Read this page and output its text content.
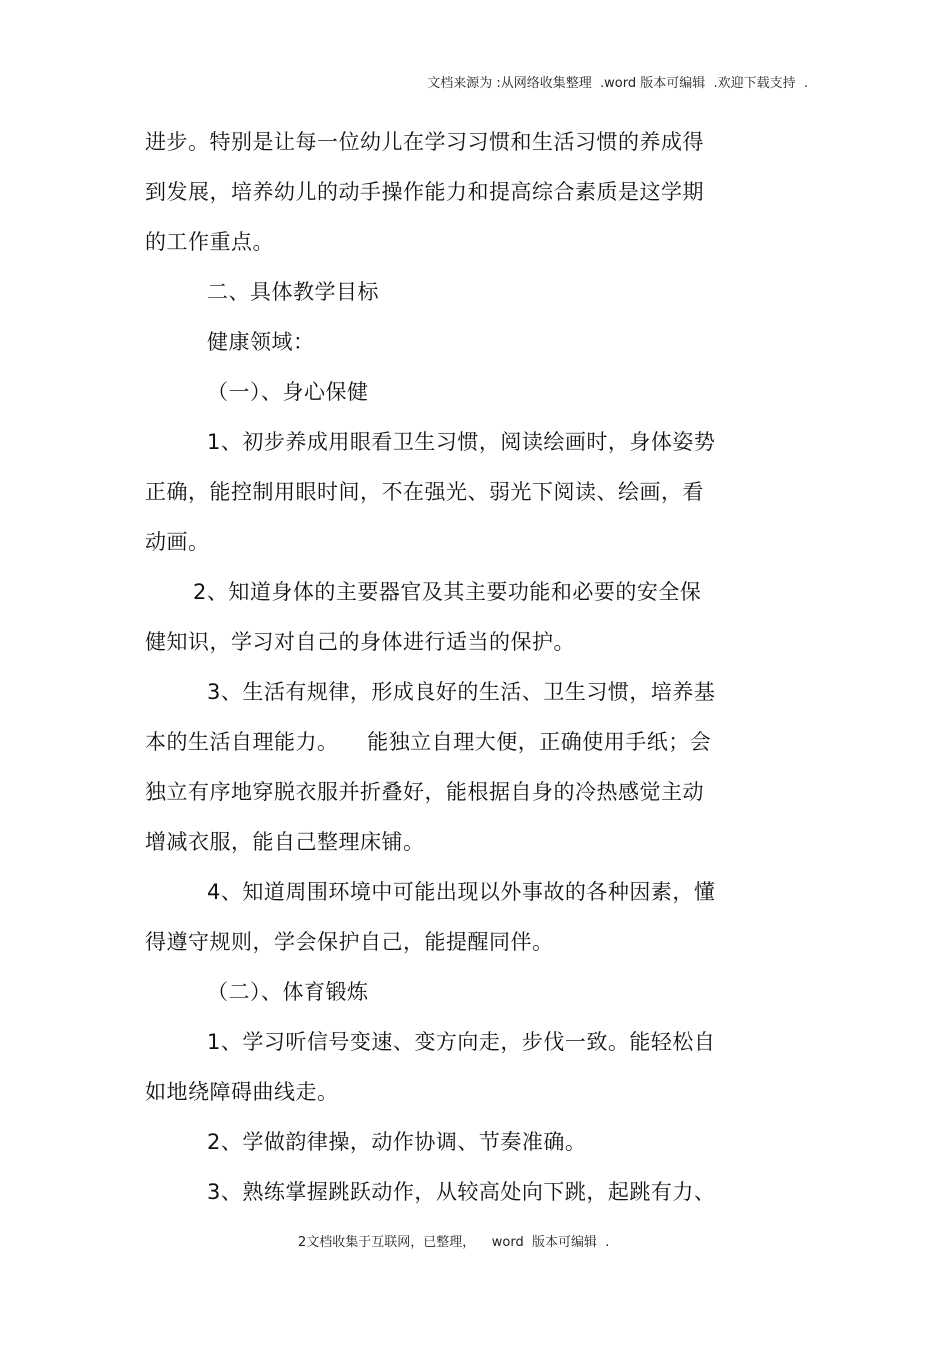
文档来源为 :从网络收集整理  .word 版本可编辑  .欢迎下载支持  .
进步。特别是让每一位幼儿在学习习惯和生活习惯的养成得
到发展，培养幼儿的动手操作能力和提高综合素质是这学期
的工作重点。
二、具体教学目标
健康领域：
（一）、身心保健
1、初步养成用眼看卫生习惯，阅读绘画时，身体姿势
正确，能控制用眼时间，不在强光、弱光下阅读、绘画，看
动画。
2、知道身体的主要器官及其主要功能和必要的安全保
健知识，学习对自己的身体进行适当的保护。
3、生活有规律，形成良好的生活、卫生习惯，培养基
本的生活自理能力。    能独立自理大便，正确使用手纸；会
独立有序地穿脱衣服并折叠好，能根据自身的冷热感觉主动
增减衣服，能自己整理床铺。
4、知道周围环境中可能出现以外事故的各种因素，懂
得遵守规则，学会保护自己，能提醒同伴。
（二）、体育锻炼
1、学习听信号变速、变方向走，步伐一致。能轻松自
如地绕障碍曲线走。
2、学做韵律操，动作协调、节奏准确。
3、熟练掌握跳跃动作，从较高处向下跳，起跳有力、
2文档收集于互联网，已整理，    word  版本可编辑  .
